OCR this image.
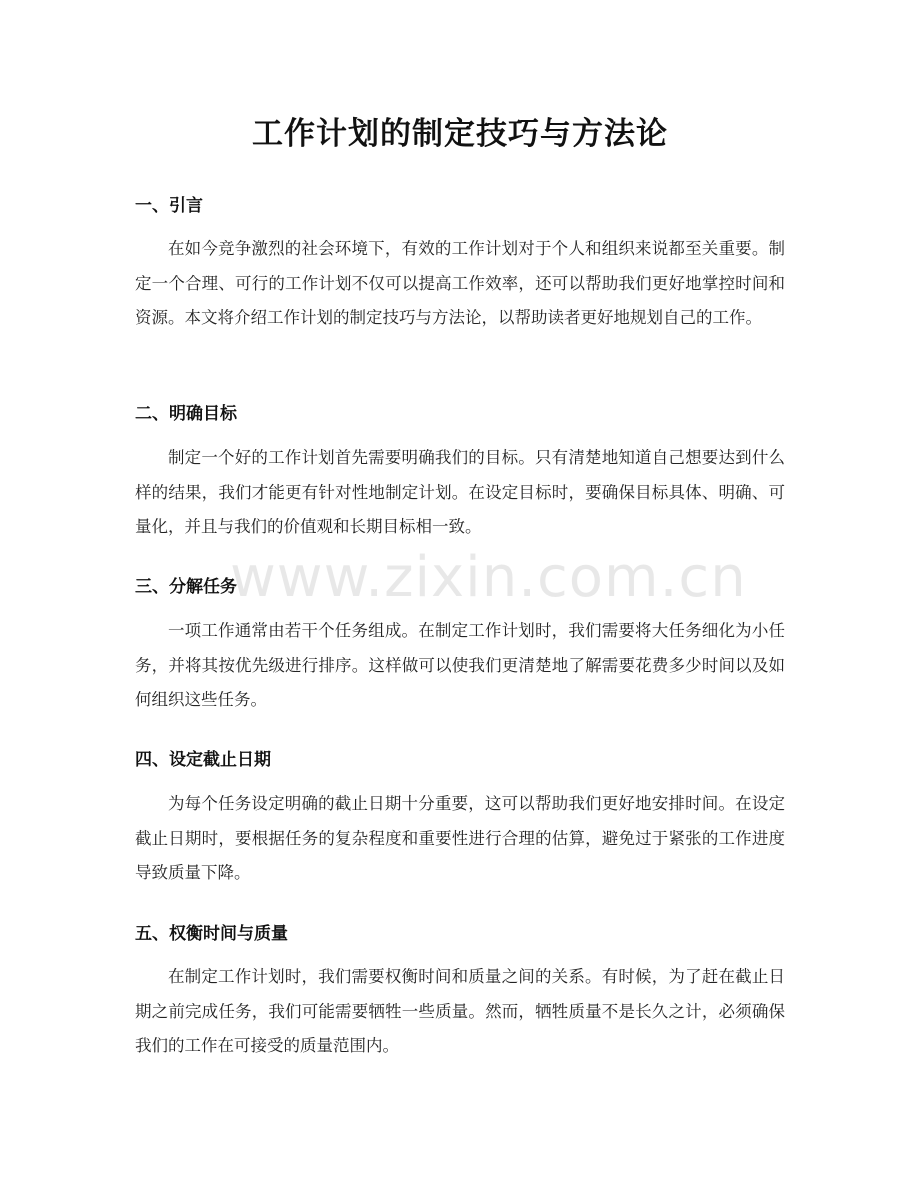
工作计划的制定技巧与方法论
一、引言
在如今竞争激烈的社会环境下，有效的工作计划对于个人和组织来说都至关重要。制定一个合理、可行的工作计划不仅可以提高工作效率，还可以帮助我们更好地掌控时间和资源。本文将介绍工作计划的制定技巧与方法论，以帮助读者更好地规划自己的工作。
二、明确目标
制定一个好的工作计划首先需要明确我们的目标。只有清楚地知道自己想要达到什么样的结果，我们才能更有针对性地制定计划。在设定目标时，要确保目标具体、明确、可量化，并且与我们的价值观和长期目标相一致。
三、分解任务
一项工作通常由若干个任务组成。在制定工作计划时，我们需要将大任务细化为小任务，并将其按优先级进行排序。这样做可以使我们更清楚地了解需要花费多少时间以及如何组织这些任务。
四、设定截止日期
为每个任务设定明确的截止日期十分重要，这可以帮助我们更好地安排时间。在设定截止日期时，要根据任务的复杂程度和重要性进行合理的估算，避免过于紧张的工作进度导致质量下降。
五、权衡时间与质量
在制定工作计划时，我们需要权衡时间和质量之间的关系。有时候，为了赶在截止日期之前完成任务，我们可能需要牺牲一些质量。然而，牺牲质量不是长久之计，必须确保我们的工作在可接受的质量范围内。
www.zixin.com.cn
